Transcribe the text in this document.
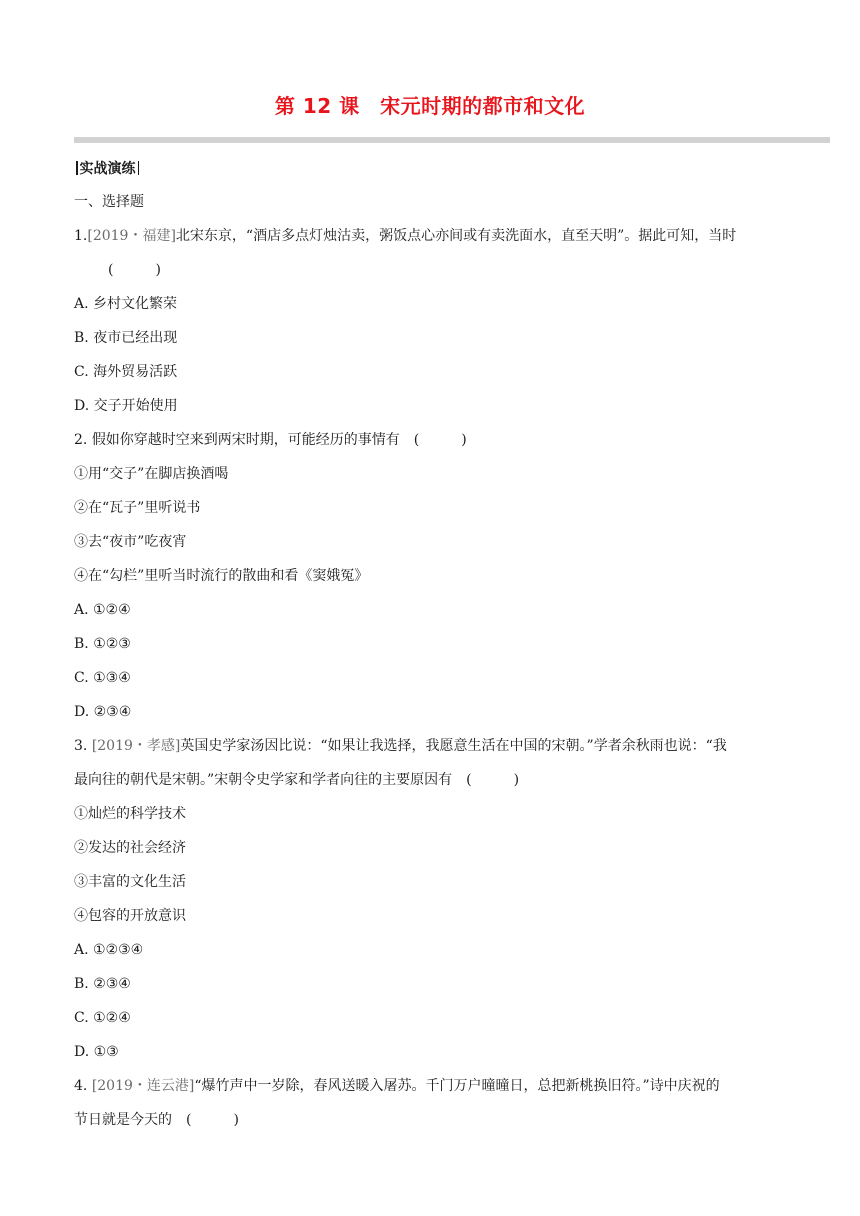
第 12 课　宋元时期的都市和文化
实战演练
一、选择题
1.[2019・福建]北宋东京，“酒店多点灯烛沽卖，粥饭点心亦间或有卖洗面水，直至天明”。据此可知，当时
(　　　)
A. 乡村文化繁荣
B. 夜市已经出现
C. 海外贸易活跃
D. 交子开始使用
2. 假如你穿越时空来到两宋时期，可能经历的事情有　(　　　)
①用“交子”在脚店换酒喝
②在“瓦子”里听说书
③去“夜市”吃夜宵
④在“勾栏”里听当时流行的散曲和看《窦娥冤》
A. ①②④
B. ①②③
C. ①③④
D. ②③④
3. [2019・孝感]英国史学家汤因比说：“如果让我选择，我愿意生活在中国的宋朝。”学者余秋雨也说：“我
最向往的朝代是宋朝。”宋朝令史学家和学者向往的主要原因有　(　　　)
①灿烂的科学技术
②发达的社会经济
③丰富的文化生活
④包容的开放意识
A. ①②③④
B. ②③④
C. ①②④
D. ①③
4. [2019・连云港]“爆竹声中一岁除，春风送暖入屠苏。千门万户曈曈日，总把新桃换旧符。”诗中庆祝的
节日就是今天的　(　　　)
